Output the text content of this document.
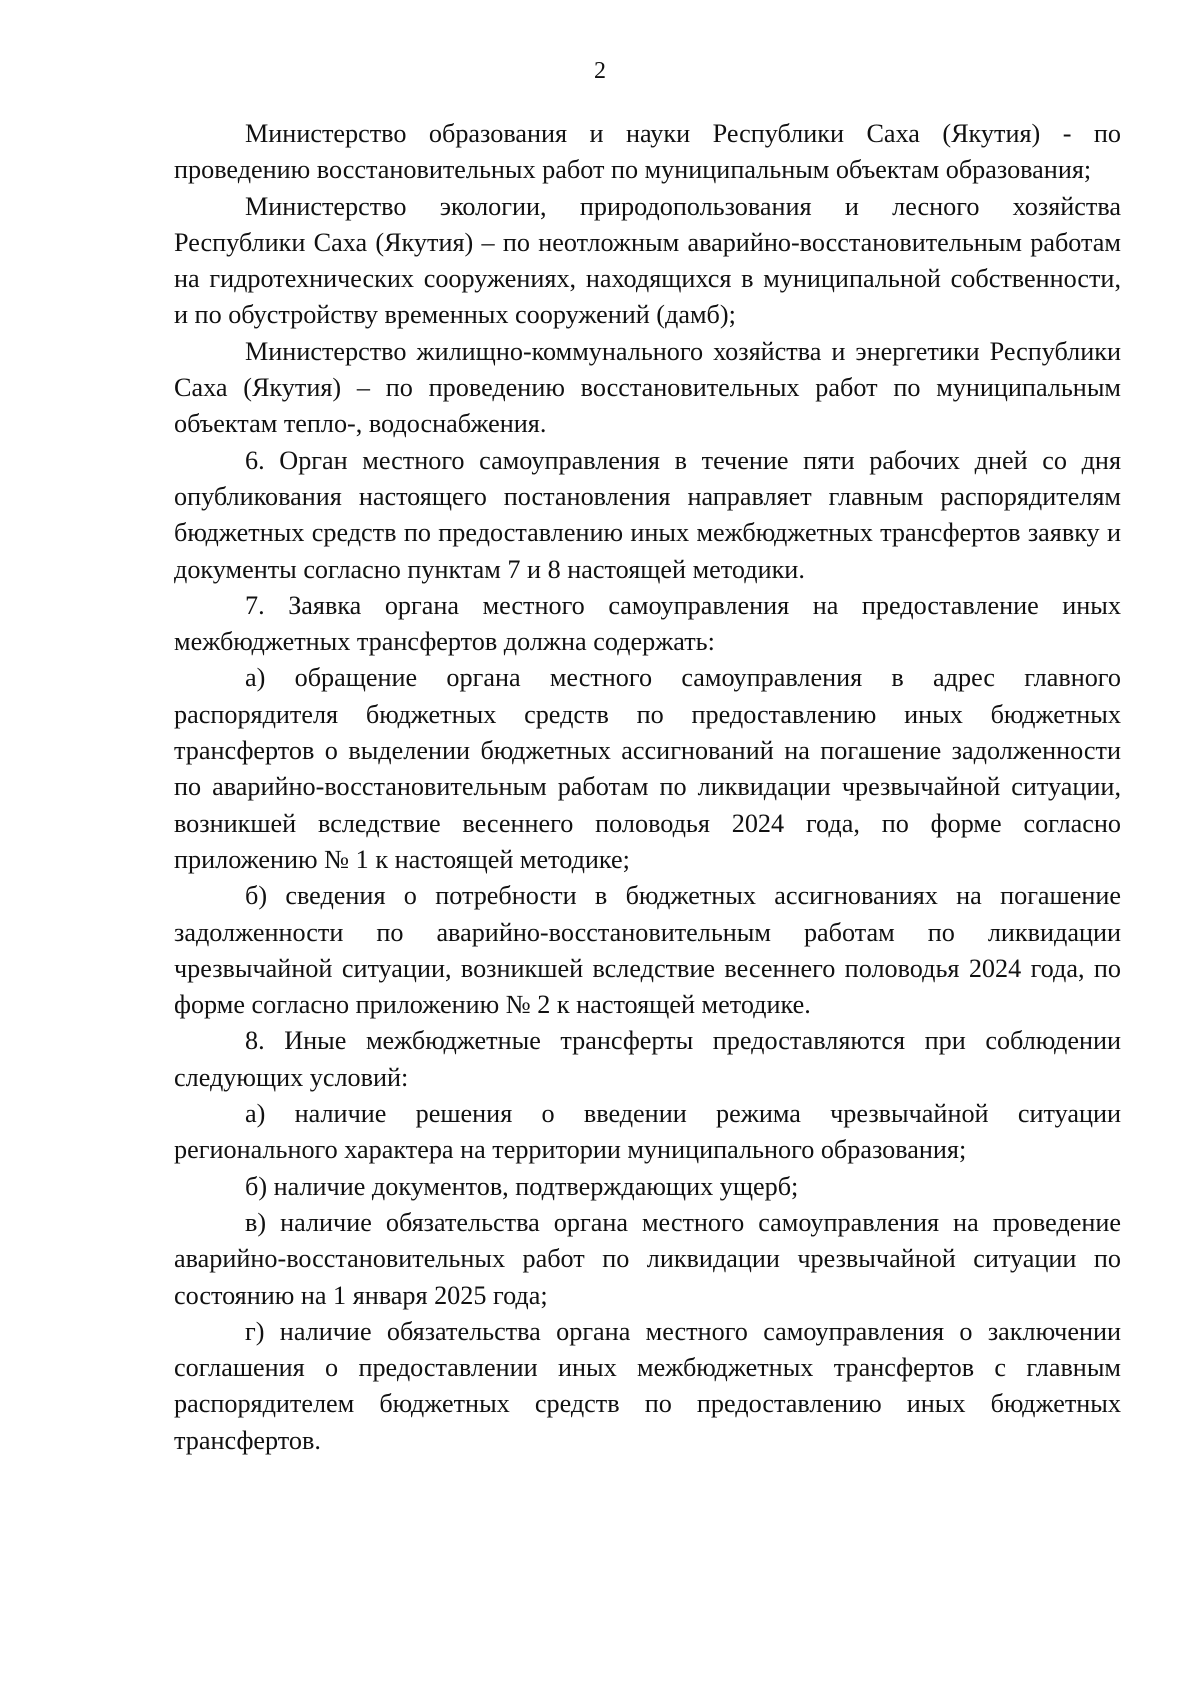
2

Министерство образования и науки Республики Саха (Якутия) - по проведению восстановительных работ по муниципальным объектам образования;

Министерство экологии, природопользования и лесного хозяйства Республики Саха (Якутия) – по неотложным аварийно-восстановительным работам на гидротехнических сооружениях, находящихся в муниципальной собственности, и по обустройству временных сооружений (дамб);

Министерство жилищно-коммунального хозяйства и энергетики Республики Саха (Якутия) – по проведению восстановительных работ по муниципальным объектам тепло-, водоснабжения.

6. Орган местного самоуправления в течение пяти рабочих дней со дня опубликования настоящего постановления направляет главным распорядителям бюджетных средств по предоставлению иных межбюджетных трансфертов заявку и документы согласно пунктам 7 и 8 настоящей методики.

7. Заявка органа местного самоуправления на предоставление иных межбюджетных трансфертов должна содержать:

а) обращение органа местного самоуправления в адрес главного распорядителя бюджетных средств по предоставлению иных бюджетных трансфертов о выделении бюджетных ассигнований на погашение задолженности по аварийно-восстановительным работам по ликвидации чрезвычайной ситуации, возникшей вследствие весеннего половодья 2024 года, по форме согласно приложению № 1 к настоящей методике;

б) сведения о потребности в бюджетных ассигнованиях на погашение задолженности по аварийно-восстановительным работам по ликвидации чрезвычайной ситуации, возникшей вследствие весеннего половодья 2024 года, по форме согласно приложению № 2 к настоящей методике.

8. Иные межбюджетные трансферты предоставляются при соблюдении следующих условий:

а) наличие решения о введении режима чрезвычайной ситуации регионального характера на территории муниципального образования;

б) наличие документов, подтверждающих ущерб;

в) наличие обязательства органа местного самоуправления на проведение аварийно-восстановительных работ по ликвидации чрезвычайной ситуации по состоянию на 1 января 2025 года;

г) наличие обязательства органа местного самоуправления о заключении соглашения о предоставлении иных межбюджетных трансфертов с главным распорядителем бюджетных средств по предоставлению иных бюджетных трансфертов.
